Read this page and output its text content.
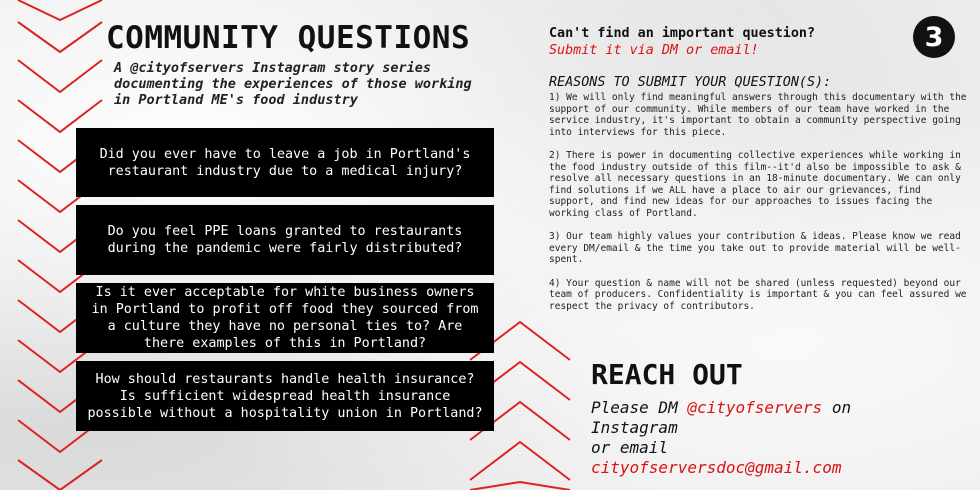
COMMUNITY QUESTIONS
A @cityofservers Instagram story series documenting the experiences of those working in Portland ME's food industry
Did you ever have to leave a job in Portland's restaurant industry due to a medical injury?
Do you feel PPE loans granted to restaurants during the pandemic were fairly distributed?
Is it ever acceptable for white business owners in Portland to profit off food they sourced from a culture they have no personal ties to? Are there examples of this in Portland?
How should restaurants handle health insurance? Is sufficient widespread health insurance possible without a hospitality union in Portland?
Can't find an important question?
Submit it via DM or email!	3
REASONS TO SUBMIT YOUR QUESTION(S):

1) We will only find meaningful answers through this documentary with the support of our community. While members of our team have worked in the service industry, it's important to obtain a community perspective going into interviews for this piece.

2) There is power in documenting collective experiences while working in the food industry outside of this film--it'd also be impossible to ask & resolve all necessary questions in an 18-minute documentary. We can only find solutions if we ALL have a place to air our grievances, find support, and find new ideas for our approaches to issues facing the working class of Portland.

3) Our team highly values your contribution & ideas. Please know we read every DM/email & the time you take out to provide material will be well-spent.

4) Your question & name will not be shared (unless requested) beyond our team of producers. Confidentiality is important & you can feel assured we respect the privacy of contributors.

REACH OUT
Please DM @cityofservers on
Instagram
or email
cityofserversdoc@gmail.com
